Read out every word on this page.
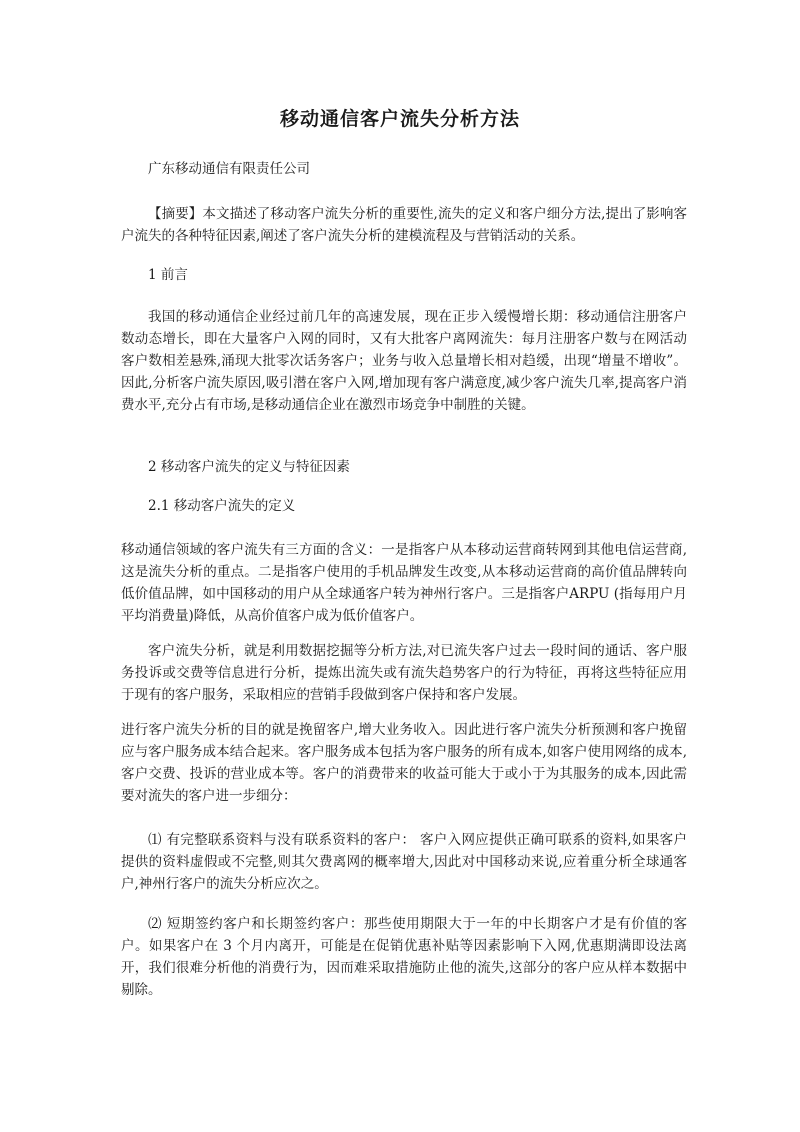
移动通信客户流失分析方法
广东移动通信有限责任公司
【摘要】本文描述了移动客户流失分析的重要性,流失的定义和客户细分方法,提出了影响客户流失的各种特征因素,阐述了客户流失分析的建模流程及与营销活动的关系。
1 前言
我国的移动通信企业经过前几年的高速发展，现在正步入缓慢增长期：移动通信注册客户数动态增长，即在大量客户入网的同时，又有大批客户离网流失：每月注册客户数与在网活动客户数相差悬殊,涌现大批零次话务客户；业务与收入总量增长相对趋缓，出现“增量不增收”。因此,分析客户流失原因,吸引潜在客户入网,增加现有客户满意度,减少客户流失几率,提高客户消费水平,充分占有市场,是移动通信企业在激烈市场竞争中制胜的关键。
2 移动客户流失的定义与特征因素
2.1 移动客户流失的定义
移动通信领域的客户流失有三方面的含义：一是指客户从本移动运营商转网到其他电信运营商,这是流失分析的重点。二是指客户使用的手机品牌发生改变,从本移动运营商的高价值品牌转向低价值品牌，如中国移动的用户从全球通客户转为神州行客户。三是指客户ARPU (指每用户月平均消费量)降低，从高价值客户成为低价值客户。
客户流失分析，就是利用数据挖掘等分析方法,对已流失客户过去一段时间的通话、客户服务投诉或交费等信息进行分析，提炼出流失或有流失趋势客户的行为特征，再将这些特征应用于现有的客户服务，采取相应的营销手段做到客户保持和客户发展。
进行客户流失分析的目的就是挽留客户,增大业务收入。因此进行客户流失分析预测和客户挽留应与客户服务成本结合起来。客户服务成本包括为客户服务的所有成本,如客户使用网络的成本,客户交费、投诉的营业成本等。客户的消费带来的收益可能大于或小于为其服务的成本,因此需要对流失的客户进一步细分：
⑴ 有完整联系资料与没有联系资料的客户： 客户入网应提供正确可联系的资料,如果客户提供的资料虚假或不完整,则其欠费离网的概率增大,因此对中国移动来说,应着重分析全球通客户,神州行客户的流失分析应次之。
⑵ 短期签约客户和长期签约客户：那些使用期限大于一年的中长期客户才是有价值的客户。如果客户在 3 个月内离开，可能是在促销优惠补贴等因素影响下入网,优惠期满即设法离开，我们很难分析他的消费行为，因而难采取措施防止他的流失,这部分的客户应从样本数据中剔除。
